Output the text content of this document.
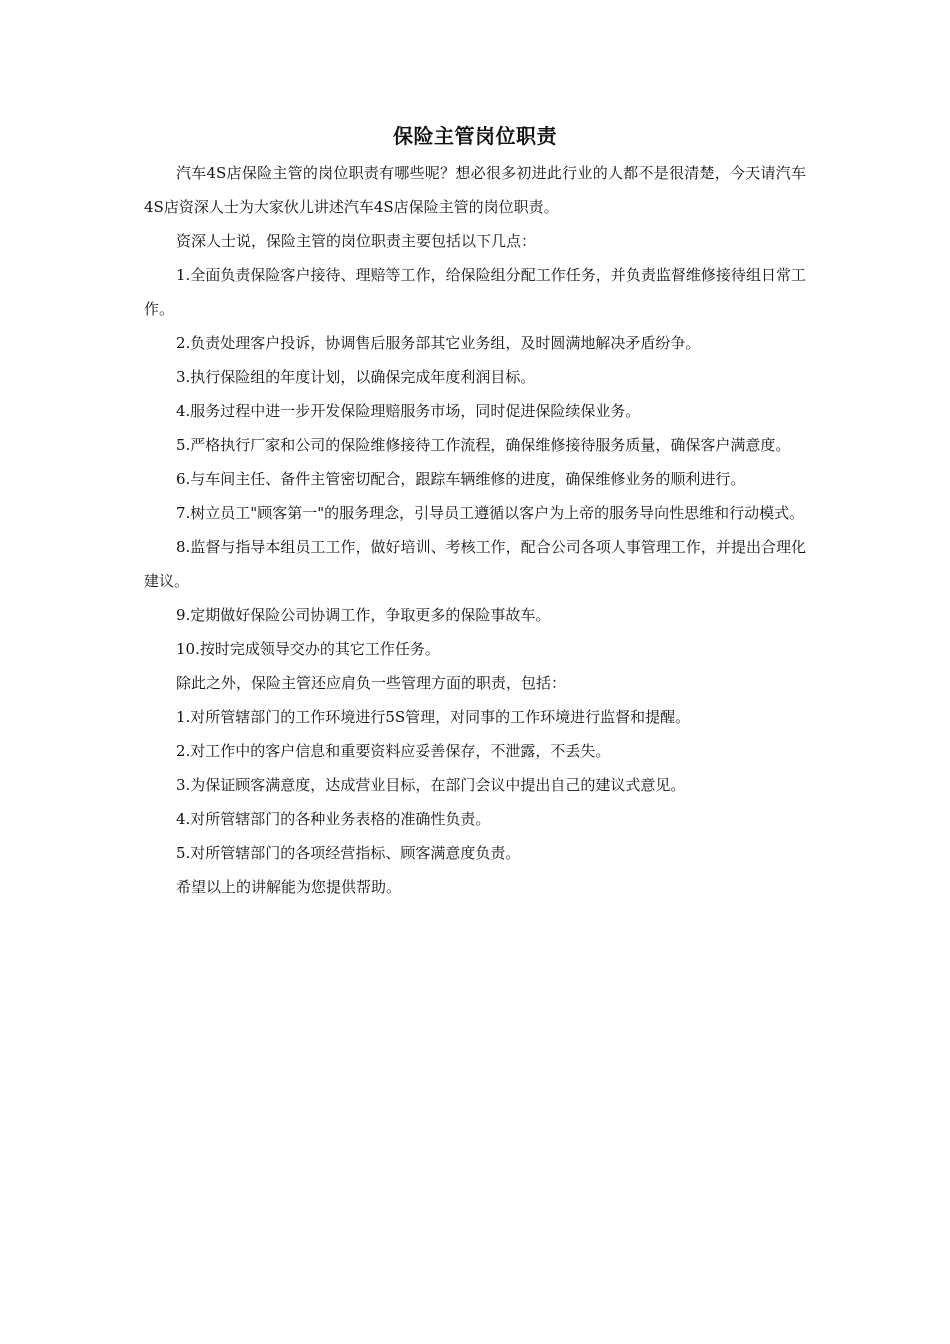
保险主管岗位职责

汽车4S店保险主管的岗位职责有哪些呢？想必很多初进此行业的人都不是很清楚，今天请汽车4S店资深人士为大家伙儿讲述汽车4S店保险主管的岗位职责。

资深人士说，保险主管的岗位职责主要包括以下几点：

1.全面负责保险客户接待、理赔等工作，给保险组分配工作任务，并负责监督维修接待组日常工作。

2.负责处理客户投诉，协调售后服务部其它业务组，及时圆满地解决矛盾纷争。

3.执行保险组的年度计划，以确保完成年度利润目标。

4.服务过程中进一步开发保险理赔服务市场，同时促进保险续保业务。

5.严格执行厂家和公司的保险维修接待工作流程，确保维修接待服务质量，确保客户满意度。

6.与车间主任、备件主管密切配合，跟踪车辆维修的进度，确保维修业务的顺利进行。

7.树立员工"顾客第一"的服务理念，引导员工遵循以客户为上帝的服务导向性思维和行动模式。

8.监督与指导本组员工工作，做好培训、考核工作，配合公司各项人事管理工作，并提出合理化建议。

9.定期做好保险公司协调工作，争取更多的保险事故车。

10.按时完成领导交办的其它工作任务。

除此之外，保险主管还应肩负一些管理方面的职责，包括：

1.对所管辖部门的工作环境进行5S管理，对同事的工作环境进行监督和提醒。

2.对工作中的客户信息和重要资料应妥善保存，不泄露，不丢失。

3.为保证顾客满意度，达成营业目标，在部门会议中提出自己的建议式意见。

4.对所管辖部门的各种业务表格的准确性负责。

5.对所管辖部门的各项经营指标、顾客满意度负责。

希望以上的讲解能为您提供帮助。
